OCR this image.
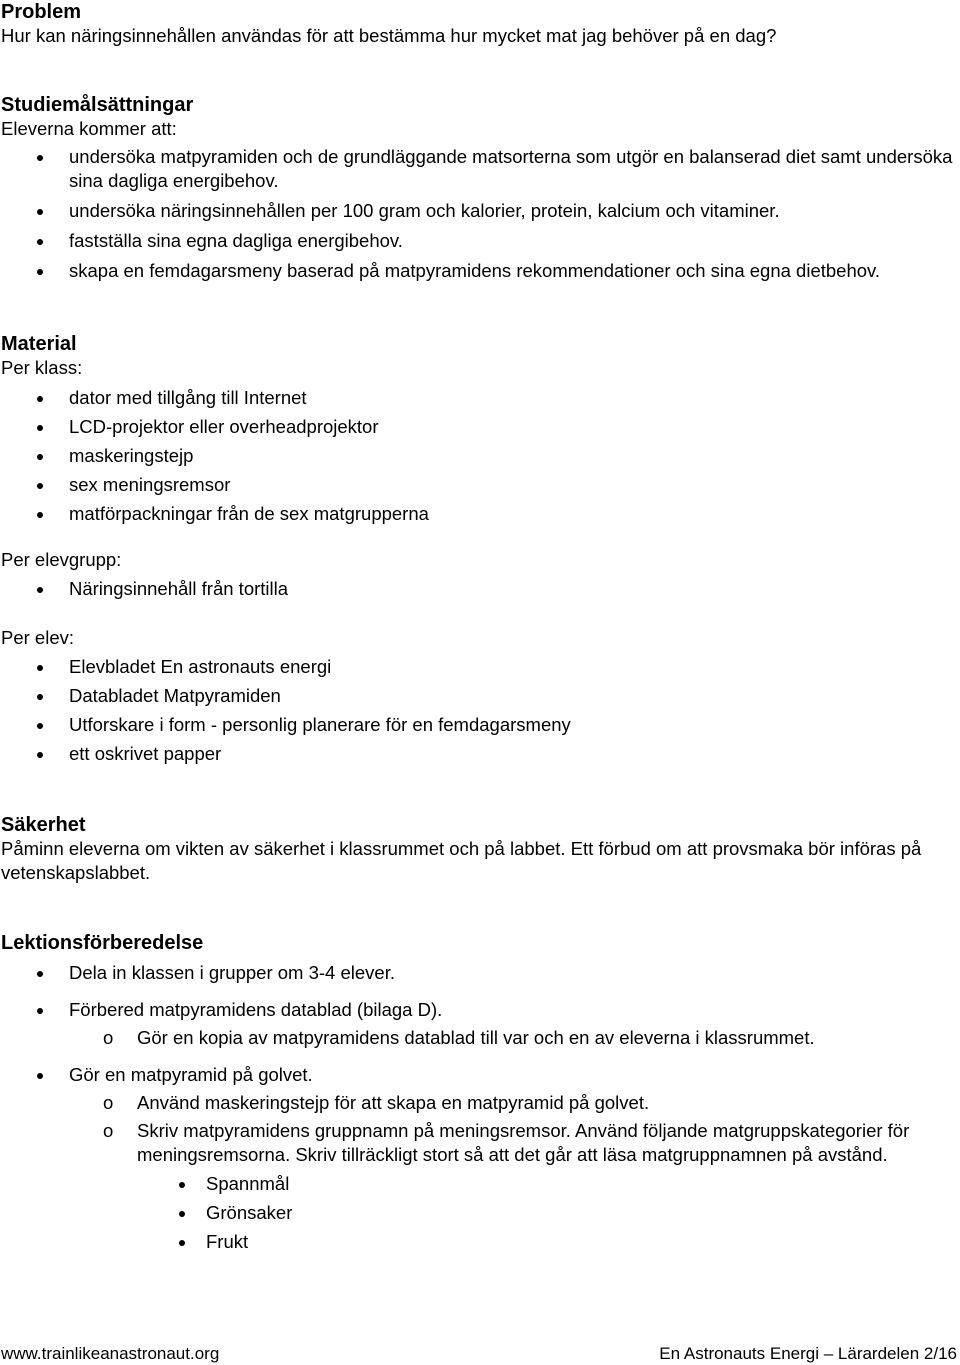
Problem

Hur kan näringsinnehållen användas för att bestämma hur mycket mat jag behöver på en dag?

Studiemålsättningar

Eleverna kommer att:

undersöka matpyramiden och de grundläggande matsorterna som utgör en balanserad diet samt undersöka sina dagliga energibehov.
undersöka näringsinnehållen per 100 gram och kalorier, protein, kalcium och vitaminer.
fastställa sina egna dagliga energibehov.
skapa en femdagarsmeny baserad på matpyramidens rekommendationer och sina egna dietbehov.
Material

Per klass:

dator med tillgång till Internet
LCD-projektor eller overheadprojektor
maskeringstejp
sex meningsremsor
matförpackningar från de sex matgrupperna

Per elevgrupp:

Näringsinnehåll från tortilla

Per elev:

Elevbladet En astronauts energi
Databladet Matpyramiden
Utforskare i form - personlig planerare för en femdagarsmeny
ett oskrivet papper
Säkerhet

Påminn eleverna om vikten av säkerhet i klassrummet och på labbet. Ett förbud om att provsmaka bör införas på vetenskapslabbet.

Lektionsförberedelse
Dela in klassen i grupper om 3-4 elever.
Förbered matpyramidens datablad (bilaga D).
o Gör en kopia av matpyramidens datablad till var och en av eleverna i klassrummet.
Gör en matpyramid på golvet.
o Använd maskeringstejp för att skapa en matpyramid på golvet.
o Skriv matpyramidens gruppnamn på meningsremsor. Använd följande matgruppskategorier för meningsremsorna. Skriv tillräckligt stort så att det går att läsa matgruppnamnen på avstånd.
Spannmål
Grönsaker
Frukt
www.trainlikeanastronaut.org	En Astronauts Energi – Lärardelen 2/16
